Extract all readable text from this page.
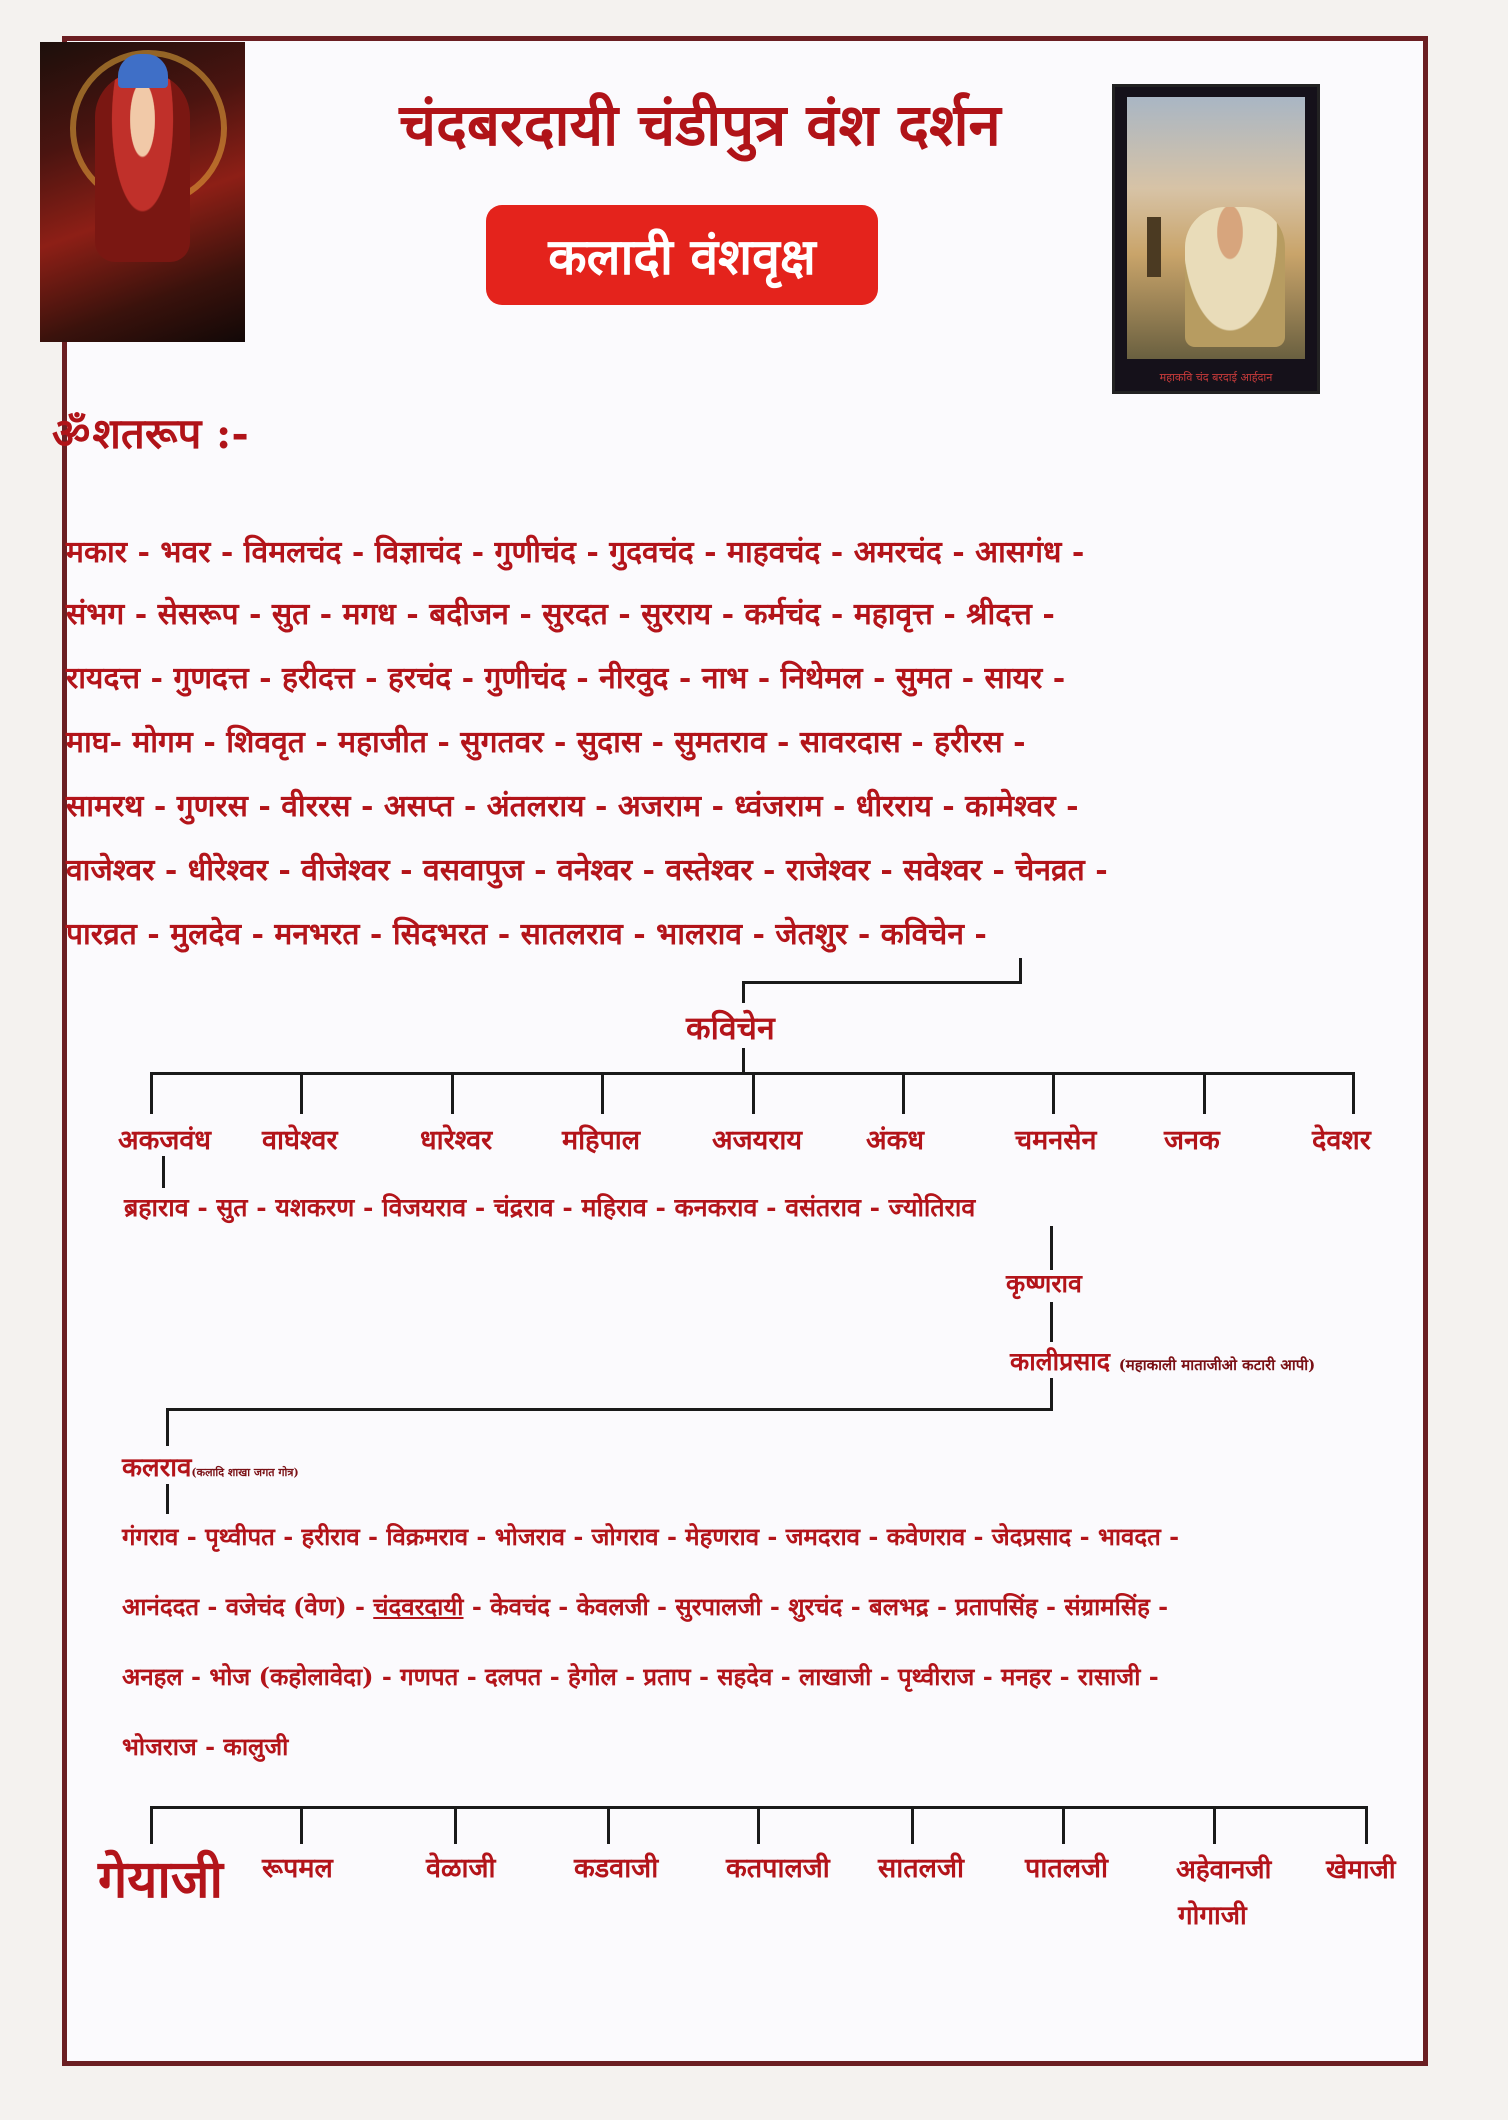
महाकवि चंद बरदाई आर्हदान
चंदबरदायी चंडीपुत्र वंश दर्शन
कलादी वंशवृक्ष
ॐशतरूप :-
मकार - भवर - विमलचंद - विज्ञाचंद - गुणीचंद - गुदवचंद - माहवचंद - अमरचंद - आसगंध -
संभग - सेसरूप - सुत - मगध - बदीजन - सुरदत - सुरराय - कर्मचंद - महावृत्त - श्रीदत्त -
रायदत्त - गुणदत्त - हरीदत्त - हरचंद - गुणीचंद - नीरवुद - नाभ - निथेमल - सुमत - सायर -
माघ- मोगम - शिववृत - महाजीत - सुगतवर - सुदास - सुमतराव - सावरदास - हरीरस -
सामरथ - गुणरस - वीररस - असप्त - अंतलराय - अजराम - ध्वंजराम - धीरराय - कामेश्वर -
वाजेश्वर - धीरेश्वर - वीजेश्वर - वसवापुज - वनेश्वर - वस्तेश्वर - राजेश्वर - सवेश्वर - चेनव्रत -
पारव्रत - मुलदेव - मनभरत - सिदभरत - सातलराव - भालराव - जेतशुर - कविचेन -
कविचेन
अकजवंध वाघेश्वर	धारेश्वर	महिपाल	अजयराय अंकध	चमनसेन जनक	देवशर
ब्रहाराव - सुत - यशकरण - विजयराव - चंद्रराव - महिराव - कनकराव - वसंतराव - ज्योतिराव
कृष्णराव
कालीप्रसाद (महाकाली माताजीओ कटारी आपी)
कलराव(कलादि शाखा जगत गोत्र)
गंगराव - पृथ्वीपत - हरीराव - विक्रमराव - भोजराव - जोगराव - मेहणराव - जमदराव - कवेणराव - जेदप्रसाद - भावदत -
आनंददत - वजेचंद (वेण) - चंदवरदायी - केवचंद - केवलजी - सुरपालजी - शुरचंद - बलभद्र - प्रतापसिंह - संग्रामसिंह -
अनहल - भोज (कहोलावेदा) - गणपत - दलपत - हेगोल - प्रताप - सहदेव - लाखाजी - पृथ्वीराज - मनहर - रासाजी -
भोजराज - कालुजी
गेयाजी रूपमल	वेळाजी	कडवाजी	कतपालजी सातलजी पातलजी	अहेवानजी खेमाजी
गोगाजी
